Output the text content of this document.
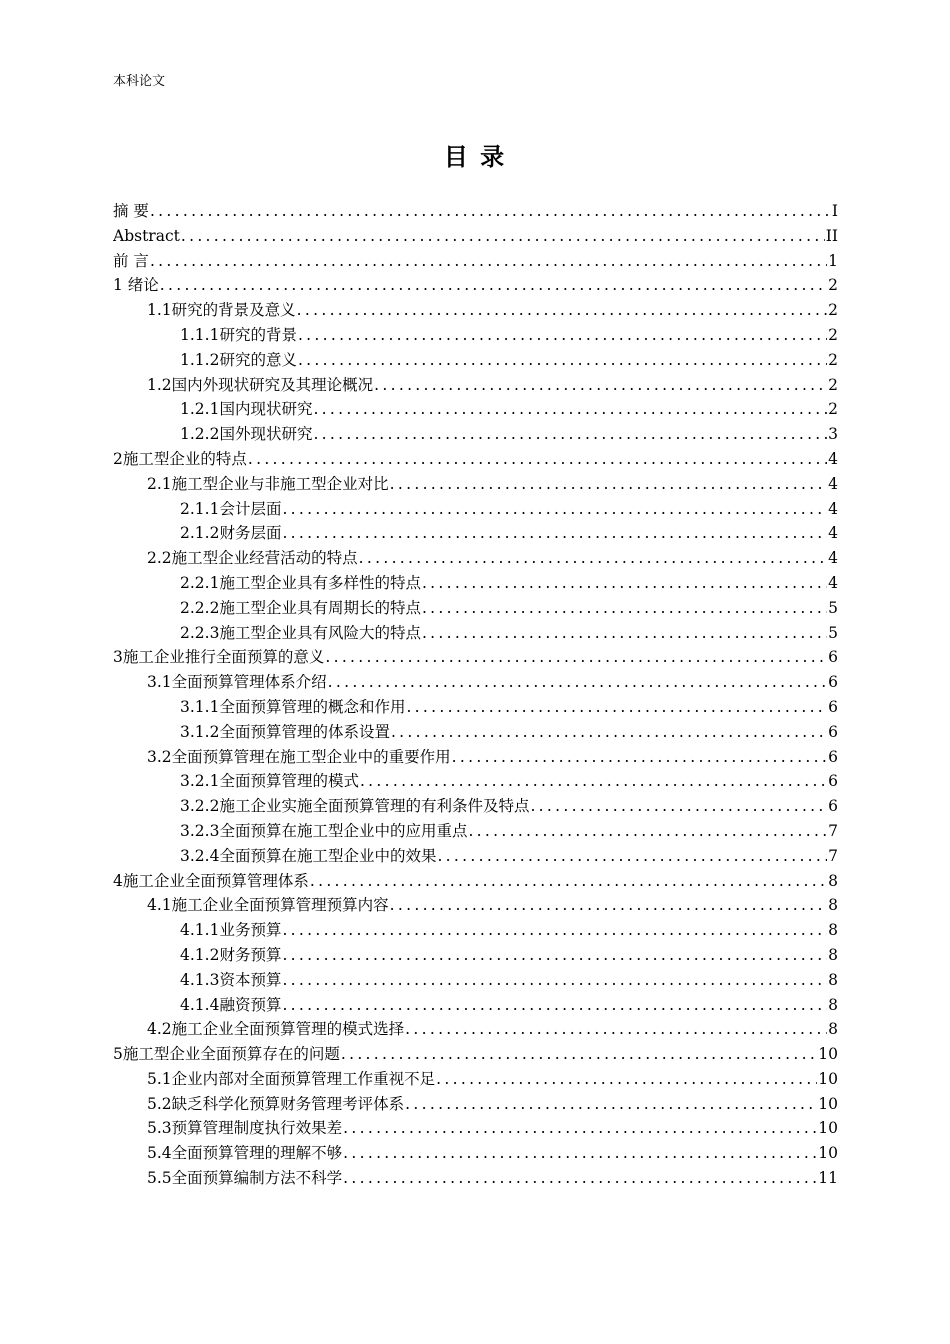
本科论文
目 录
摘 要 .....	I
Abstract .....	II
前 言 .....	1
1 绪论 .....	2
1.1研究的背景及意义 .....	2
1.1.1研究的背景 .....	2
1.1.2研究的意义 .....	2
1.2国内外现状研究及其理论概况 .....	2
1.2.1国内现状研究 .....	2
1.2.2国外现状研究 .....	3
2施工型企业的特点 .....	4
2.1施工型企业与非施工型企业对比 .....	4
2.1.1会计层面 .....	4
2.1.2财务层面 .....	4
2.2施工型企业经营活动的特点 .....	4
2.2.1施工型企业具有多样性的特点 .....	4
2.2.2施工型企业具有周期长的特点 .....	5
2.2.3施工型企业具有风险大的特点 .....	5
3施工企业推行全面预算的意义 .....	6
3.1全面预算管理体系介绍 .....	6
3.1.1全面预算管理的概念和作用 .....	6
3.1.2全面预算管理的体系设置 .....	6
3.2全面预算管理在施工型企业中的重要作用 .....	6
3.2.1全面预算管理的模式 .....	6
3.2.2施工企业实施全面预算管理的有利条件及特点 .....	6
3.2.3全面预算在施工型企业中的应用重点 .....	7
3.2.4全面预算在施工型企业中的效果 .....	7
4施工企业全面预算管理体系 .....	8
4.1施工企业全面预算管理预算内容 .....	8
4.1.1业务预算 .....	8
4.1.2财务预算 .....	8
4.1.3资本预算 .....	8
4.1.4融资预算 .....	8
4.2施工企业全面预算管理的模式选择 .....	8
5施工型企业全面预算存在的问题 .....	10
5.1企业内部对全面预算管理工作重视不足 .....	10
5.2缺乏科学化预算财务管理考评体系 .....	10
5.3预算管理制度执行效果差 .....	10
5.4全面预算管理的理解不够 .....	10
5.5全面预算编制方法不科学 .....	11
